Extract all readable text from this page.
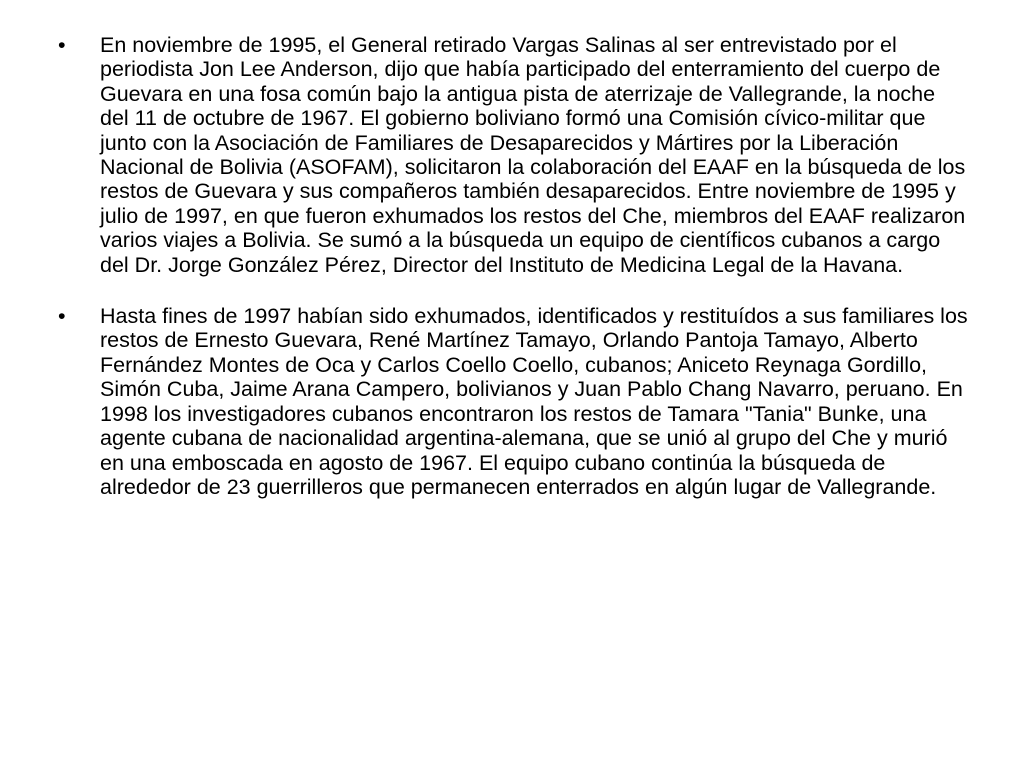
• En noviembre de 1995, el General retirado Vargas Salinas al ser entrevistado por el periodista Jon Lee Anderson, dijo que había participado del enterramiento del cuerpo de Guevara en una fosa común bajo la antigua pista de aterrizaje de Vallegrande, la noche del 11 de octubre de 1967. El gobierno boliviano formó una Comisión cívico-militar que junto con la Asociación de Familiares de Desaparecidos y Mártires por la Liberación Nacional de Bolivia (ASOFAM), solicitaron la colaboración del EAAF en la búsqueda de los restos de Guevara y sus compañeros también desaparecidos. Entre noviembre de 1995 y julio de 1997, en que fueron exhumados los restos del Che, miembros del EAAF realizaron varios viajes a Bolivia. Se sumó a la búsqueda un equipo de científicos cubanos a cargo del Dr. Jorge González Pérez, Director del Instituto de Medicina Legal de la Havana.
• Hasta fines de 1997 habían sido exhumados, identificados y restituídos a sus familiares los restos de Ernesto Guevara, René Martínez Tamayo, Orlando Pantoja Tamayo, Alberto Fernández Montes de Oca y Carlos Coello Coello, cubanos; Aniceto Reynaga Gordillo, Simón Cuba, Jaime Arana Campero, bolivianos y Juan Pablo Chang Navarro, peruano. En 1998 los investigadores cubanos encontraron los restos de Tamara "Tania" Bunke, una agente cubana de nacionalidad argentina-alemana, que se unió al grupo del Che y murió en una emboscada en agosto de 1967. El equipo cubano continúa la búsqueda de alrededor de 23 guerrilleros que permanecen enterrados en algún lugar de Vallegrande.
